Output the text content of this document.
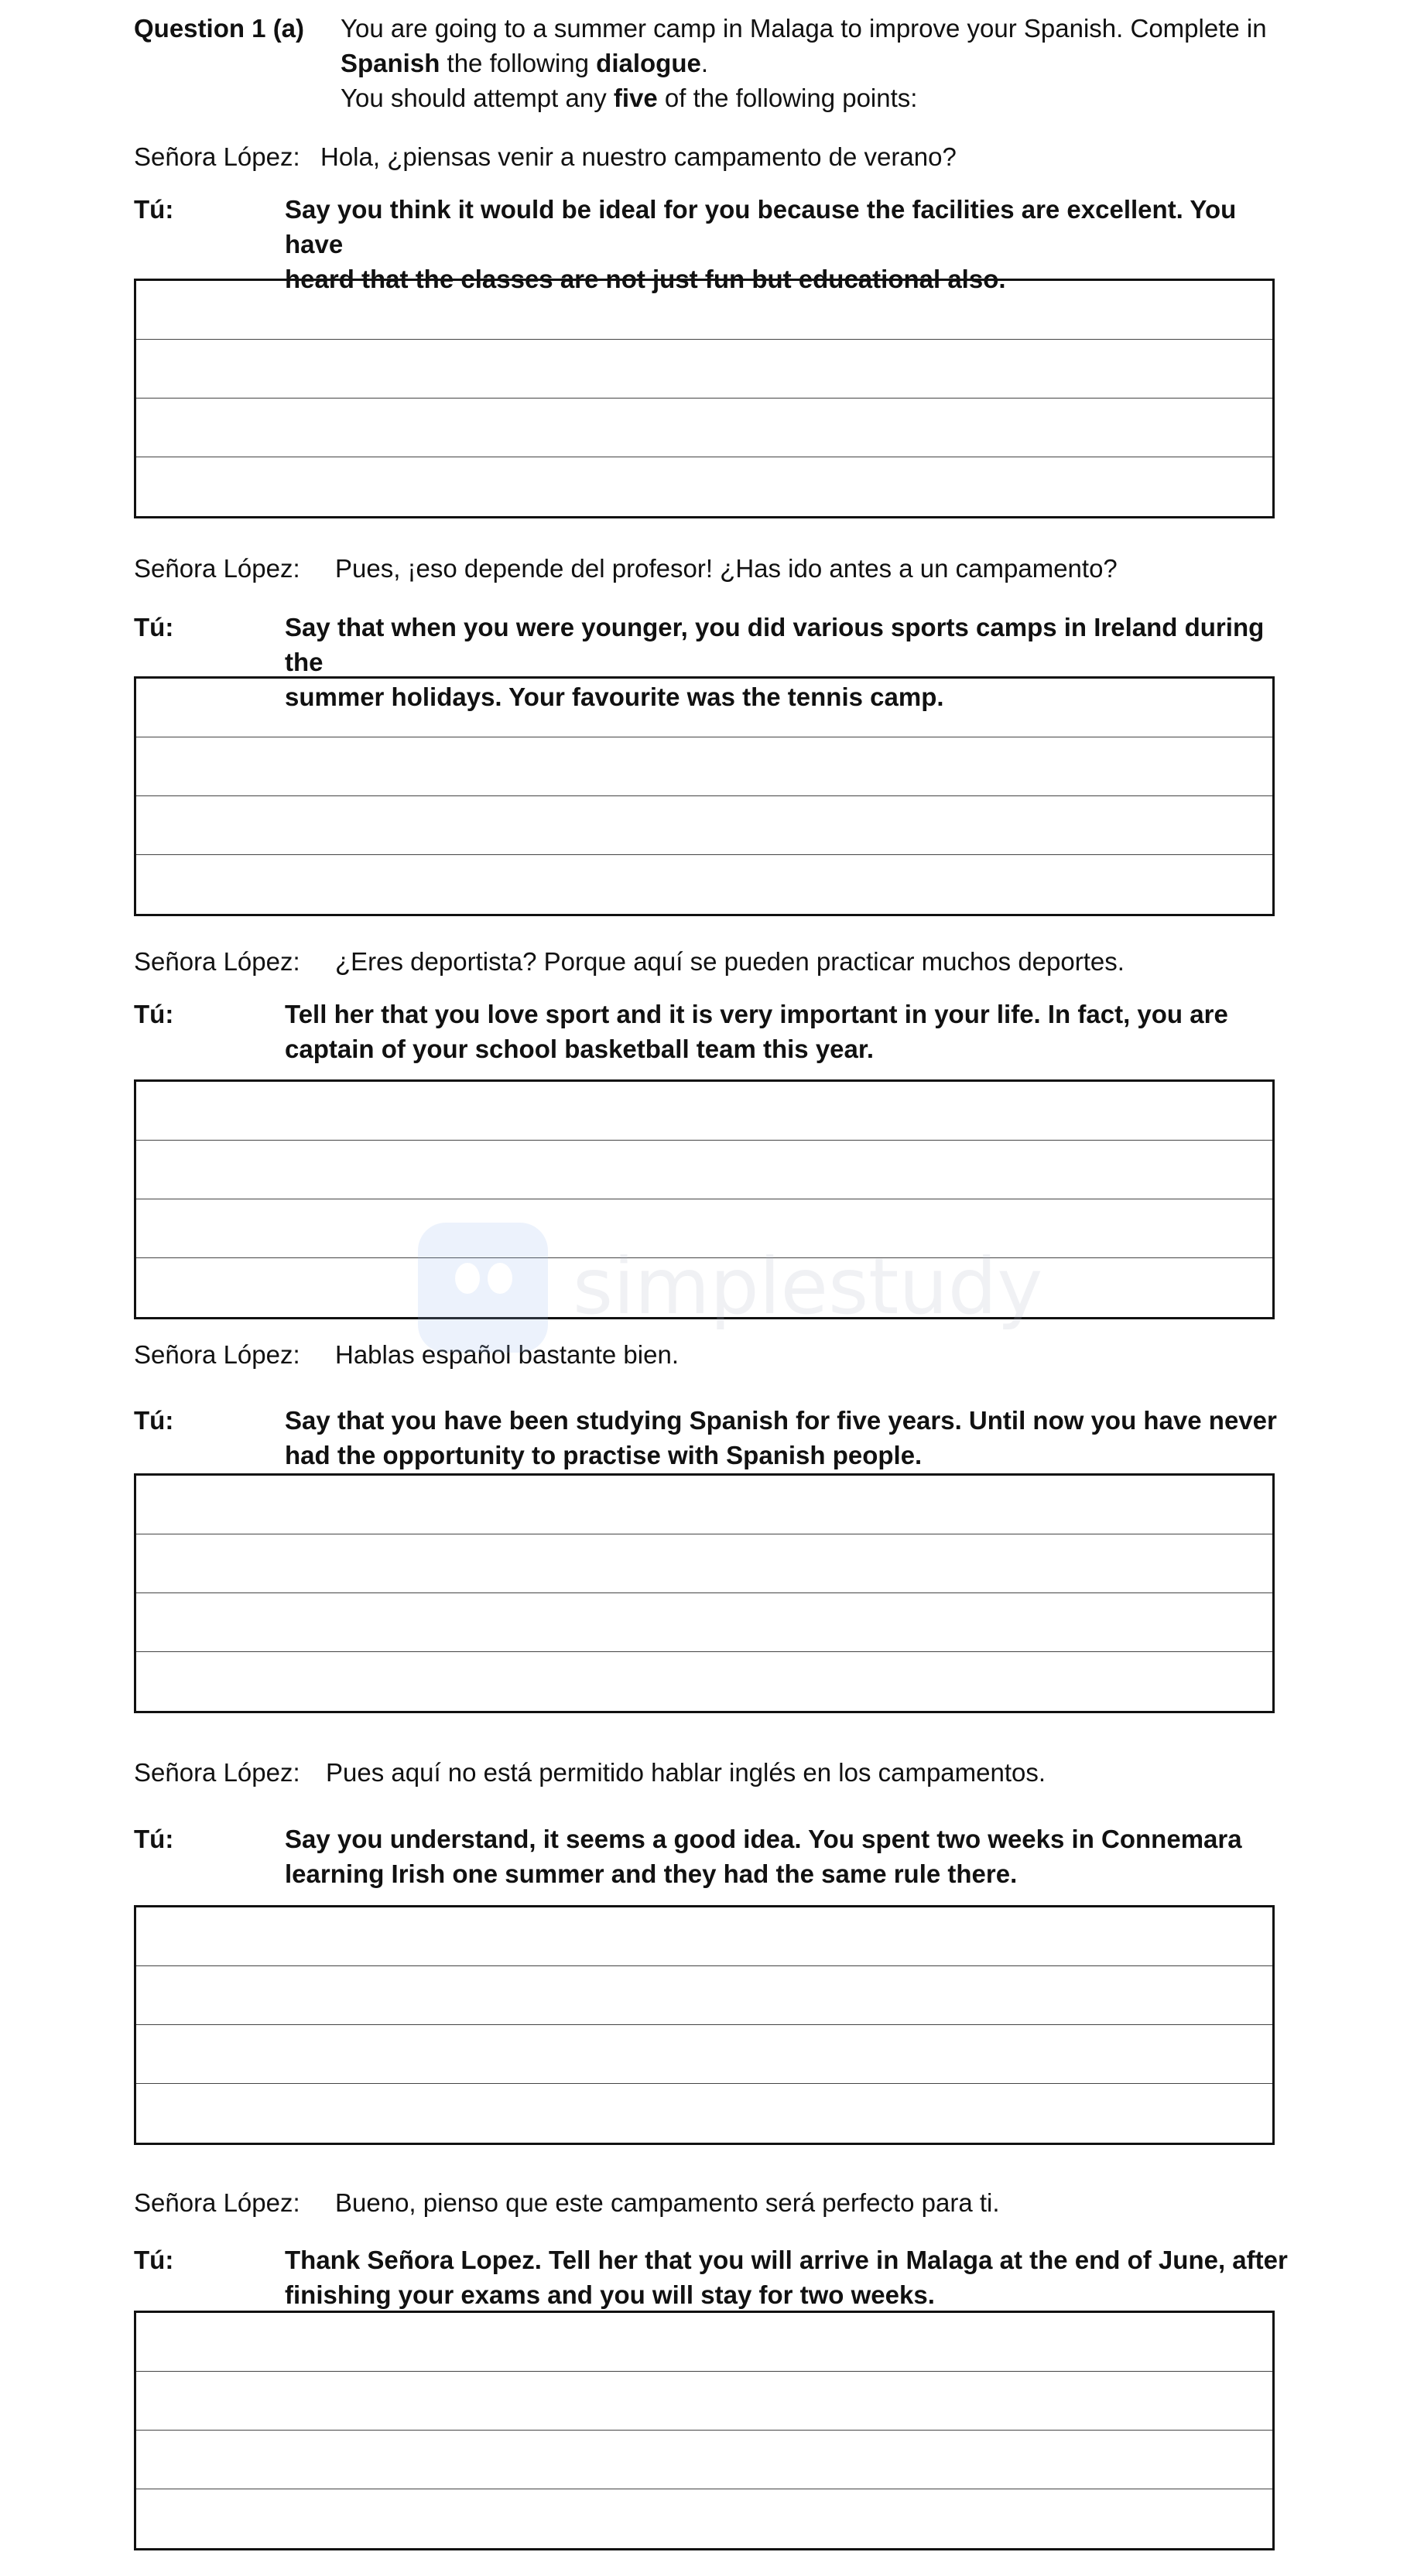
Question 1 (a) You are going to a summer camp in Malaga to improve your Spanish. Complete in
Spanish the following dialogue.
You should attempt any five of the following points:
Señora López: Hola, ¿piensas venir a nuestro campamento de verano?
Tú:	Say you think it would be ideal for you because the facilities are excellent. You have
heard that the classes are not just fun but educational also.
Señora López: Pues, ¡eso depende del profesor! ¿Has ido antes a un campamento?
Tú:	Say that when you were younger, you did various sports camps in Ireland during the
summer holidays. Your favourite was the tennis camp.
Señora López: ¿Eres deportista? Porque aquí se pueden practicar muchos deportes.
Tú:	Tell her that you love sport and it is very important in your life. In fact, you are
captain of your school basketball team this year.
Señora López: Hablas español bastante bien.
Tú:	Say that you have been studying Spanish for five years. Until now you have never
had the opportunity to practise with Spanish people.
Señora López: Pues aquí no está permitido hablar inglés en los campamentos.
Tú:	Say you understand, it seems a good idea. You spent two weeks in Connemara
learning Irish one summer and they had the same rule there.
Señora López: Bueno, pienso que este campamento será perfecto para ti.
Tú:	Thank Señora Lopez. Tell her that you will arrive in Malaga at the end of June, after
finishing your exams and you will stay for two weeks.
simplestudy
